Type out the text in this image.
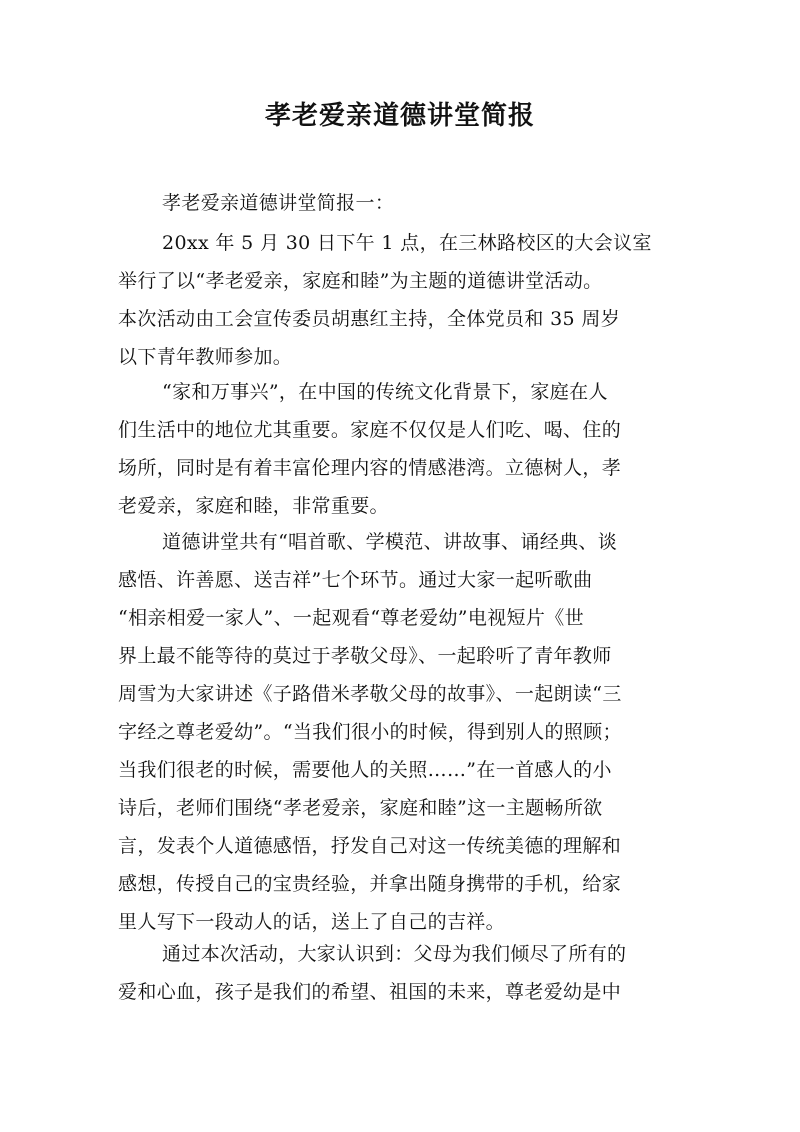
孝老爱亲道德讲堂简报
孝老爱亲道德讲堂简报一：
20xx 年 5 月 30 日下午 1 点，在三林路校区的大会议室
举行了以“孝老爱亲，家庭和睦”为主题的道德讲堂活动。
本次活动由工会宣传委员胡惠红主持，全体党员和 35 周岁
以下青年教师参加。
“家和万事兴”，在中国的传统文化背景下，家庭在人
们生活中的地位尤其重要。家庭不仅仅是人们吃、喝、住的
场所，同时是有着丰富伦理内容的情感港湾。立德树人，孝
老爱亲，家庭和睦，非常重要。
道德讲堂共有“唱首歌、学模范、讲故事、诵经典、谈
感悟、许善愿、送吉祥”七个环节。通过大家一起听歌曲
“相亲相爱一家人”、一起观看“尊老爱幼”电视短片《世
界上最不能等待的莫过于孝敬父母》、一起聆听了青年教师
周雪为大家讲述《子路借米孝敬父母的故事》、一起朗读“三
字经之尊老爱幼”。“当我们很小的时候，得到别人的照顾；
当我们很老的时候，需要他人的关照……”在一首感人的小
诗后，老师们围绕“孝老爱亲，家庭和睦”这一主题畅所欲
言，发表个人道德感悟，抒发自己对这一传统美德的理解和
感想，传授自己的宝贵经验，并拿出随身携带的手机，给家
里人写下一段动人的话，送上了自己的吉祥。
通过本次活动，大家认识到：父母为我们倾尽了所有的
爱和心血，孩子是我们的希望、祖国的未来，尊老爱幼是中
